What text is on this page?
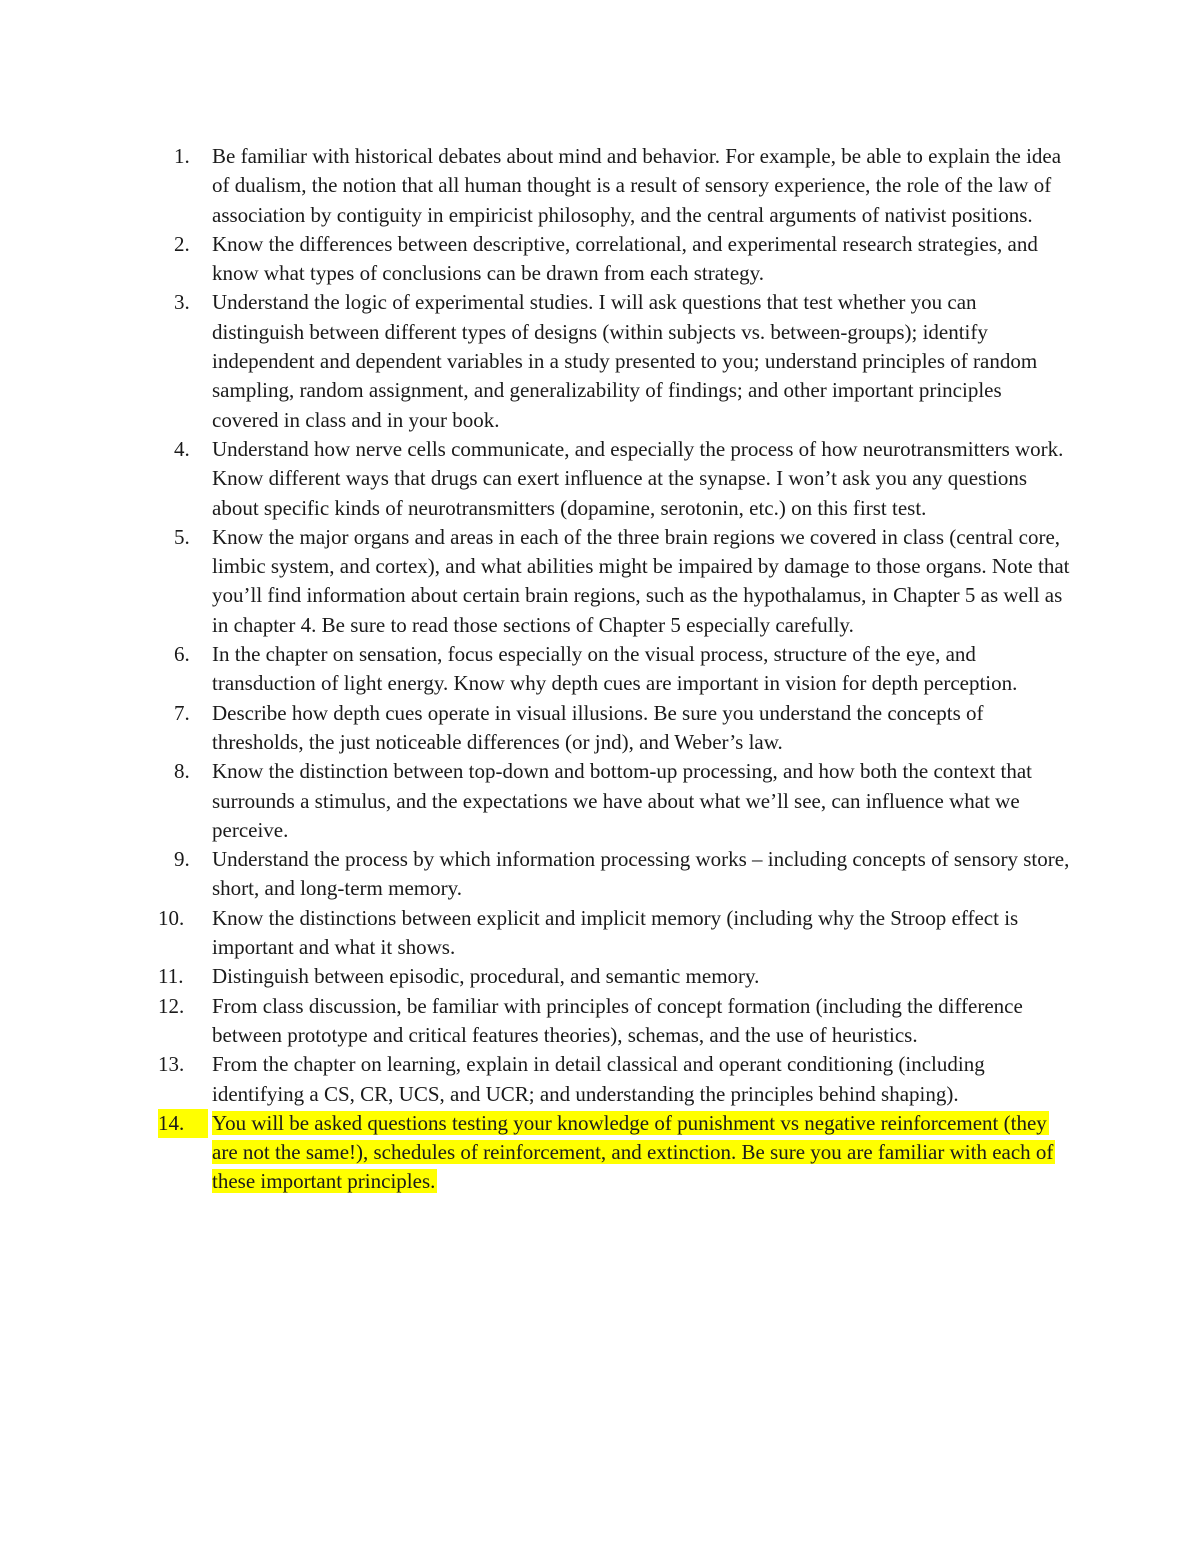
1.	Be familiar with historical debates about mind and behavior. For example, be able to explain the idea of dualism, the notion that all human thought is a result of sensory experience, the role of the law of association by contiguity in empiricist philosophy, and the central arguments of nativist positions.
2.	Know the differences between descriptive, correlational, and experimental research strategies, and know what types of conclusions can be drawn from each strategy.
3.	Understand the logic of experimental studies. I will ask questions that test whether you can distinguish between different types of designs (within subjects vs. between-groups); identify independent and dependent variables in a study presented to you; understand principles of random sampling, random assignment, and generalizability of findings; and other important principles covered in class and in your book.
4.	Understand how nerve cells communicate, and especially the process of how neurotransmitters work. Know different ways that drugs can exert influence at the synapse. I won’t ask you any questions about specific kinds of neurotransmitters (dopamine, serotonin, etc.) on this first test.
5.	Know the major organs and areas in each of the three brain regions we covered in class (central core, limbic system, and cortex), and what abilities might be impaired by damage to those organs. Note that you’ll find information about certain brain regions, such as the hypothalamus, in Chapter 5 as well as in chapter 4. Be sure to read those sections of Chapter 5 especially carefully.
6.	In the chapter on sensation, focus especially on the visual process, structure of the eye, and transduction of light energy. Know why depth cues are important in vision for depth perception.
7.	Describe how depth cues operate in visual illusions. Be sure you understand the concepts of thresholds, the just noticeable differences (or jnd), and Weber’s law.
8.	Know the distinction between top-down and bottom-up processing, and how both the context that surrounds a stimulus, and the expectations we have about what we’ll see, can influence what we perceive.
9.	Understand the process by which information processing works – including concepts of sensory store, short, and long-term memory.
10.	Know the distinctions between explicit and implicit memory (including why the Stroop effect is important and what it shows.
11.	Distinguish between episodic, procedural, and semantic memory.
12.	From class discussion, be familiar with principles of concept formation (including the difference between prototype and critical features theories), schemas, and the use of heuristics.
13.	From the chapter on learning, explain in detail classical and operant conditioning (including identifying a CS, CR, UCS, and UCR; and understanding the principles behind shaping).
14.	You will be asked questions testing your knowledge of punishment vs negative reinforcement (they are not the same!), schedules of reinforcement, and extinction. Be sure you are familiar with each of these important principles.
